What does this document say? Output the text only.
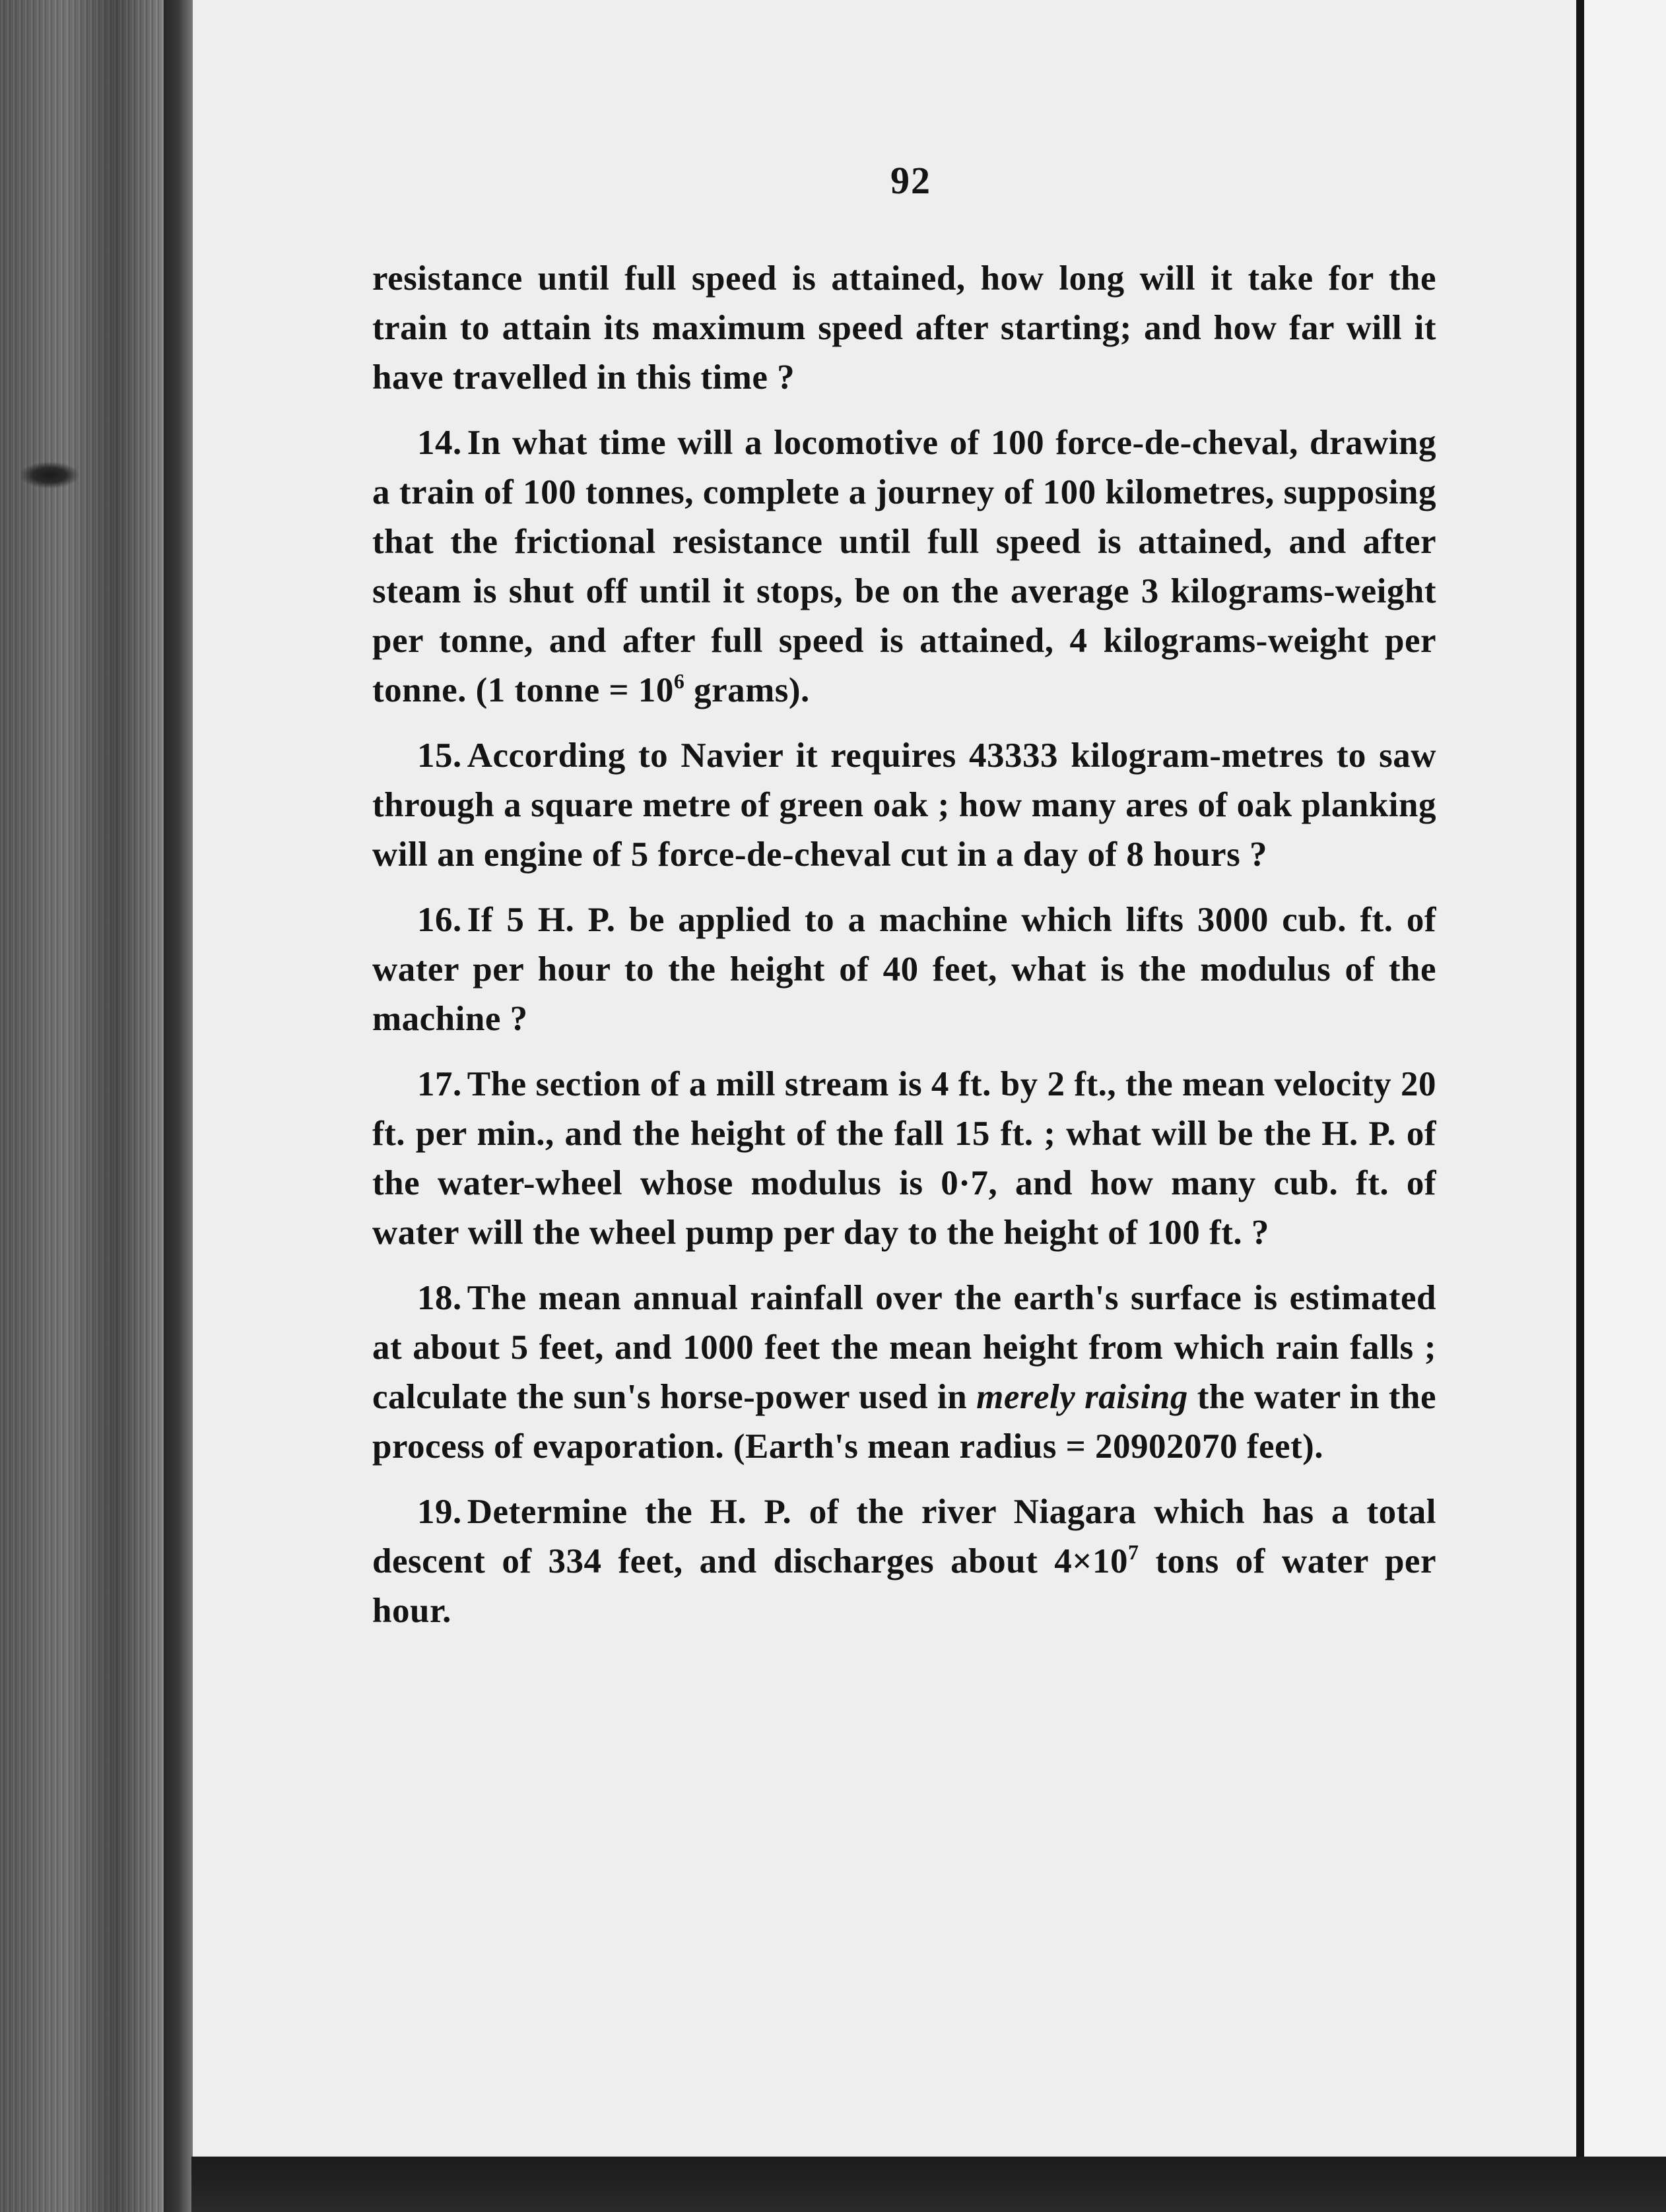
92

resistance until full speed is attained, how long will it take for the train to attain its maximum speed after starting; and how far will it have travelled in this time ?

14. In what time will a locomotive of 100 force-de-cheval, drawing a train of 100 tonnes, complete a journey of 100 kilometres, supposing that the frictional resistance until full speed is attained, and after steam is shut off until it stops, be on the average 3 kilograms-weight per tonne, and after full speed is attained, 4 kilograms-weight per tonne. (1 tonne = $10^6$ grams).

15. According to Navier it requires 43333 kilogram-metres to saw through a square metre of green oak ; how many ares of oak planking will an engine of 5 force-de-cheval cut in a day of 8 hours ?

16. If 5 H. P. be applied to a machine which lifts 3000 cub. ft. of water per hour to the height of 40 feet, what is the modulus of the machine ?

17. The section of a mill stream is 4 ft. by 2 ft., the mean velocity 20 ft. per min., and the height of the fall 15 ft. ; what will be the H. P. of the water-wheel whose modulus is 0·7, and how many cub. ft. of water will the wheel pump per day to the height of 100 ft. ?

18. The mean annual rainfall over the earth's surface is estimated at about 5 feet, and 1000 feet the mean height from which rain falls ; calculate the sun's horse-power used in merely raising the water in the process of evaporation. (Earth's mean radius = 20902070 feet).

19. Determine the H. P. of the river Niagara which has a total descent of 334 feet, and discharges about $4\times 10^7$ tons of water per hour.
